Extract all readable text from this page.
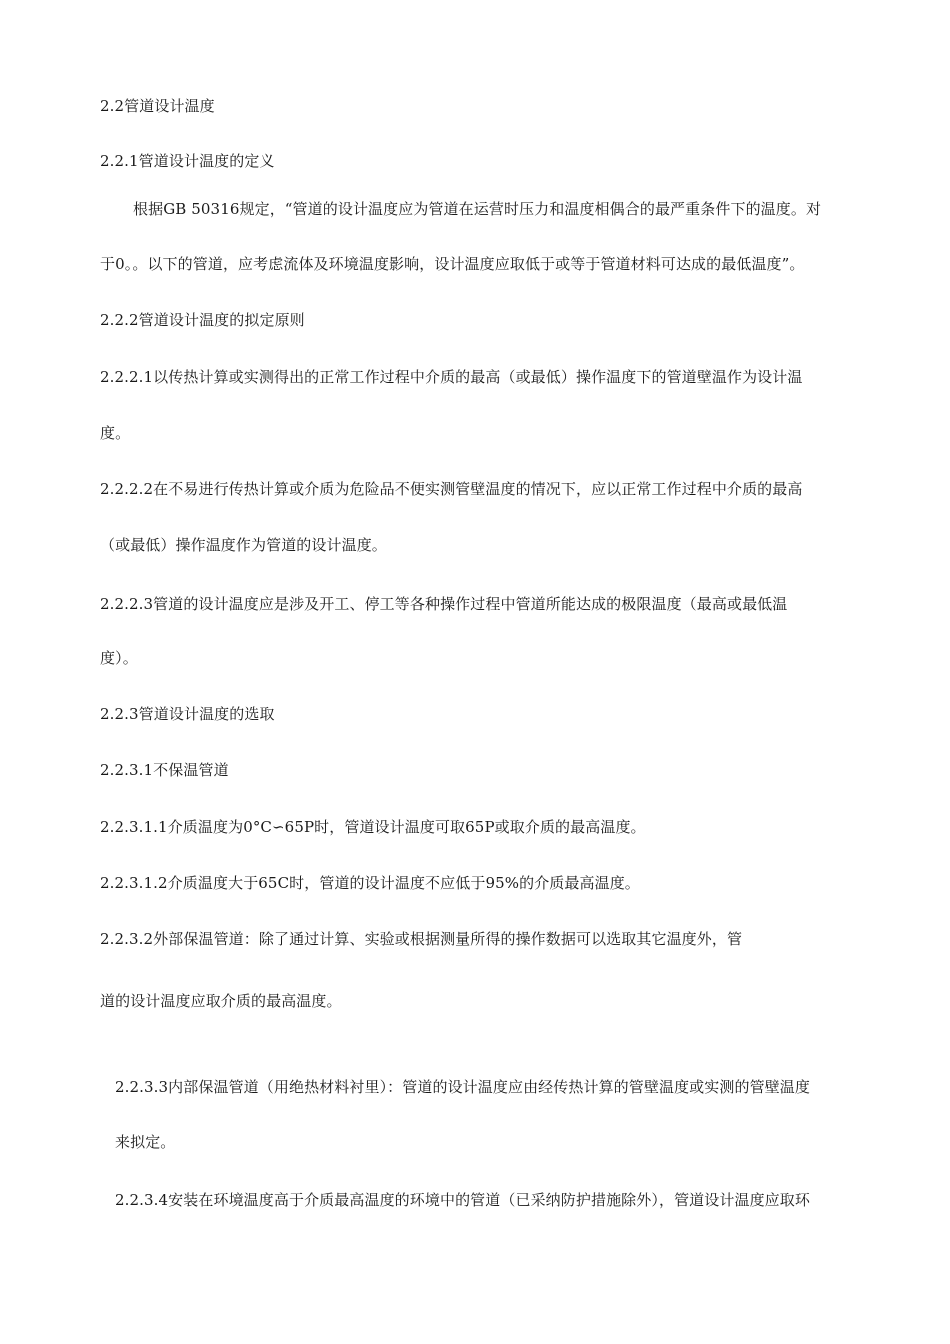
2.2管道设计温度
2.2.1管道设计温度的定义
根据GB 50316规定，“管道的设计温度应为管道在运营时压力和温度相偶合的最严重条件下的温度。对
于0。。以下的管道，应考虑流体及环境温度影响，设计温度应取低于或等于管道材料可达成的最低温度”。
2.2.2管道设计温度的拟定原则
2.2.2.1以传热计算或实测得出的正常工作过程中介质的最高（或最低）操作温度下的管道壁温作为设计温
度。
2.2.2.2在不易进行传热计算或介质为危险品不便实测管壁温度的情况下，应以正常工作过程中介质的最高
（或最低）操作温度作为管道的设计温度。
2.2.2.3管道的设计温度应是涉及开工、停工等各种操作过程中管道所能达成的极限温度（最高或最低温
度）。
2.2.3管道设计温度的选取
2.2.3.1不保温管道
2.2.3.1.1介质温度为0°C∽65P时，管道设计温度可取65P或取介质的最高温度。
2.2.3.1.2介质温度大于65C时，管道的设计温度不应低于95%的介质最高温度。
2.2.3.2外部保温管道：除了通过计算、实验或根据测量所得的操作数据可以选取其它温度外，管
道的设计温度应取介质的最高温度。
2.2.3.3内部保温管道（用绝热材料衬里）：管道的设计温度应由经传热计算的管壁温度或实测的管壁温度
来拟定。
2.2.3.4安装在环境温度高于介质最高温度的环境中的管道（已采纳防护措施除外），管道设计温度应取环
